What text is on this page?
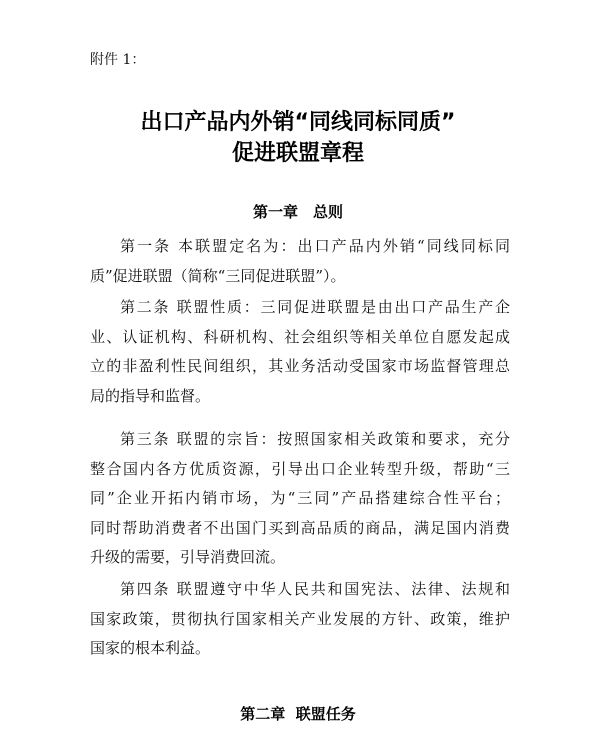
附件 1：
出口产品内外销“同线同标同质”
促进联盟章程
第一章　总则
第一条 本联盟定名为：出口产品内外销“同线同标同
质”促进联盟（简称“三同促进联盟”）。
第二条 联盟性质：三同促进联盟是由出口产品生产企
业、认证机构、科研机构、社会组织等相关单位自愿发起成
立的非盈利性民间组织，其业务活动受国家市场监督管理总
局的指导和监督。
第三条 联盟的宗旨：按照国家相关政策和要求，充分
整合国内各方优质资源，引导出口企业转型升级，帮助“三
同”企业开拓内销市场，为“三同”产品搭建综合性平台；
同时帮助消费者不出国门买到高品质的商品，满足国内消费
升级的需要，引导消费回流。
第四条 联盟遵守中华人民共和国宪法、法律、法规和
国家政策，贯彻执行国家相关产业发展的方针、政策，维护
国家的根本利益。
第二章  联盟任务
